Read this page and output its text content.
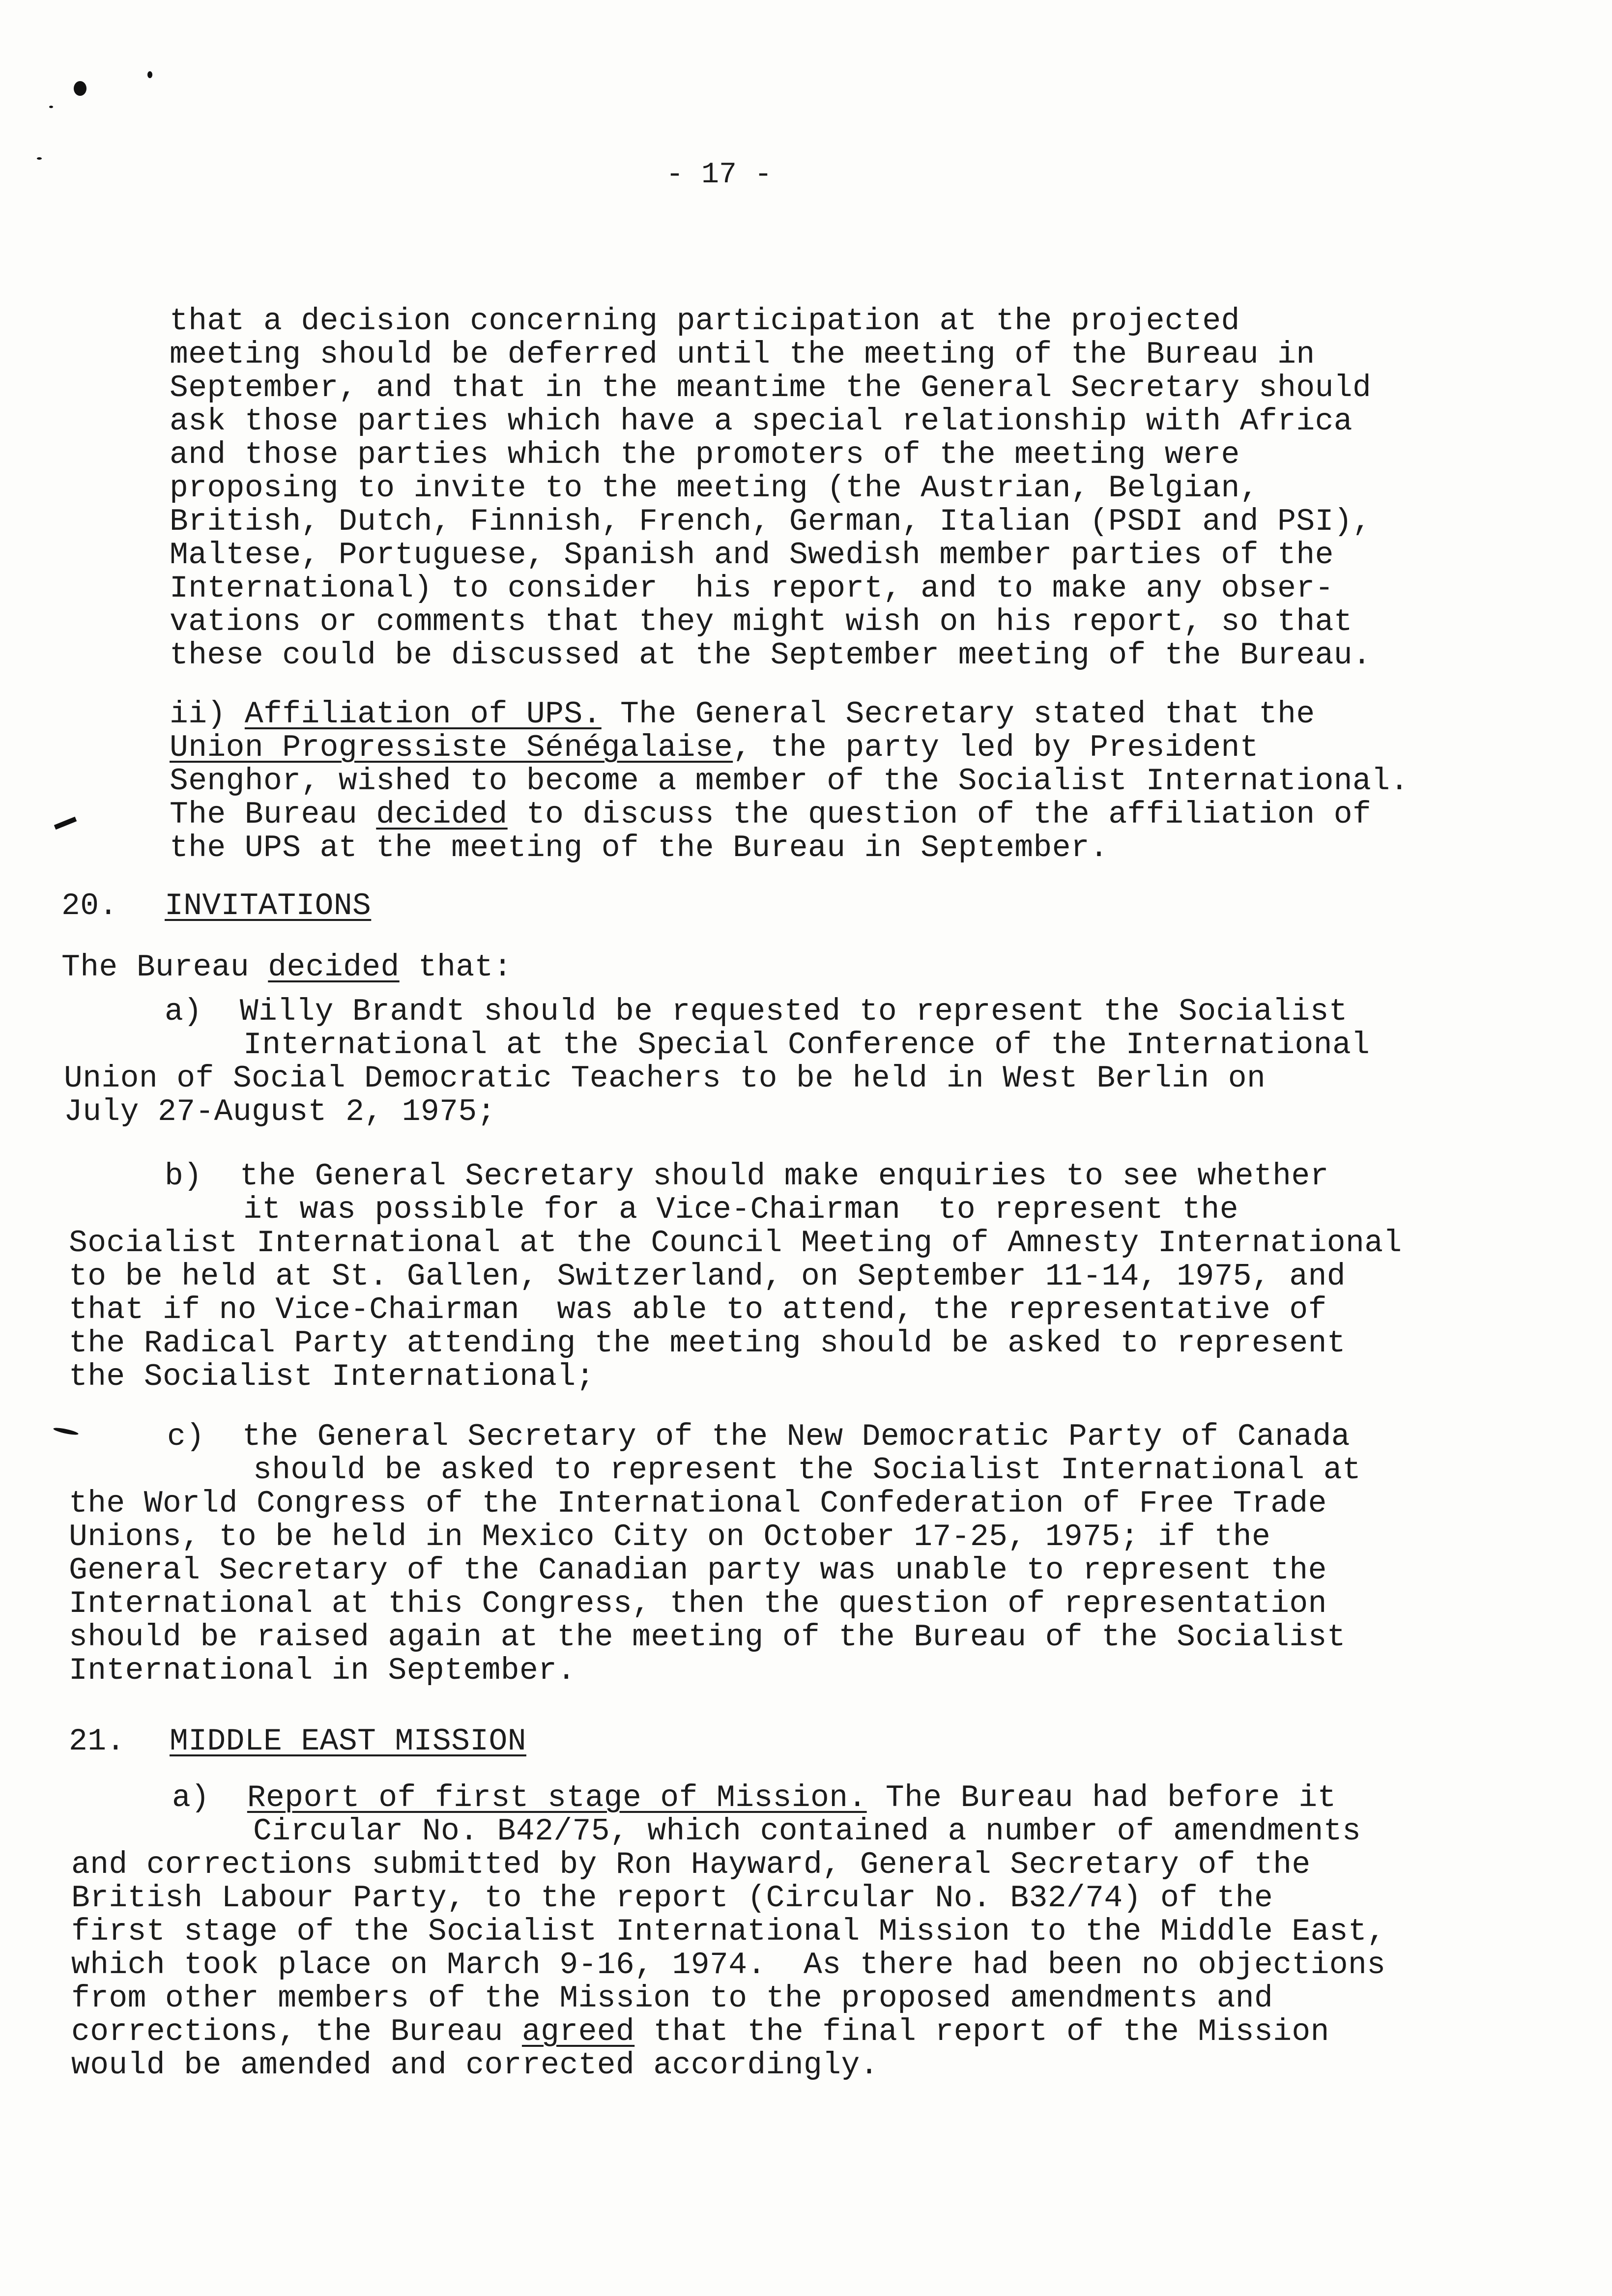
- 17 -
that a decision concerning participation at the projected
meeting should be deferred until the meeting of the Bureau in
September, and that in the meantime the General Secretary should
ask those parties which have a special relationship with Africa
and those parties which the promoters of the meeting were
proposing to invite to the meeting (the Austrian, Belgian,
British, Dutch, Finnish, French, German, Italian (PSDI and PSI),
Maltese, Portuguese, Spanish and Swedish member parties of the
International) to consider  his report, and to make any obser-
vations or comments that they might wish on his report, so that
these could be discussed at the September meeting of the Bureau.
ii) Affiliation of UPS. The General Secretary stated that the
Union Progressiste Sénégalaise, the party led by President
Senghor, wished to become a member of the Socialist International.
The Bureau decided to discuss the question of the affiliation of
the UPS at the meeting of the Bureau in September.
20. INVITATIONS
The Bureau decided that:
a)  Willy Brandt should be requested to represent the Socialist
International at the Special Conference of the International
Union of Social Democratic Teachers to be held in West Berlin on
July 27-August 2, 1975;
b)  the General Secretary should make enquiries to see whether
it was possible for a Vice-Chairman  to represent the
Socialist International at the Council Meeting of Amnesty International
to be held at St. Gallen, Switzerland, on September 11-14, 1975, and
that if no Vice-Chairman  was able to attend, the representative of
the Radical Party attending the meeting should be asked to represent
the Socialist International;
c)  the General Secretary of the New Democratic Party of Canada
should be asked to represent the Socialist International at
the World Congress of the International Confederation of Free Trade
Unions, to be held in Mexico City on October 17-25, 1975; if the
General Secretary of the Canadian party was unable to represent the
International at this Congress, then the question of representation
should be raised again at the meeting of the Bureau of the Socialist
International in September.
21. MIDDLE EAST MISSION
a) Report of first stage of Mission. The Bureau had before it
Circular No. B42/75, which contained a number of amendments
and corrections submitted by Ron Hayward, General Secretary of the
British Labour Party, to the report (Circular No. B32/74) of the
first stage of the Socialist International Mission to the Middle East,
which took place on March 9-16, 1974.  As there had been no objections
from other members of the Mission to the proposed amendments and
corrections, the Bureau agreed that the final report of the Mission
would be amended and corrected accordingly.
